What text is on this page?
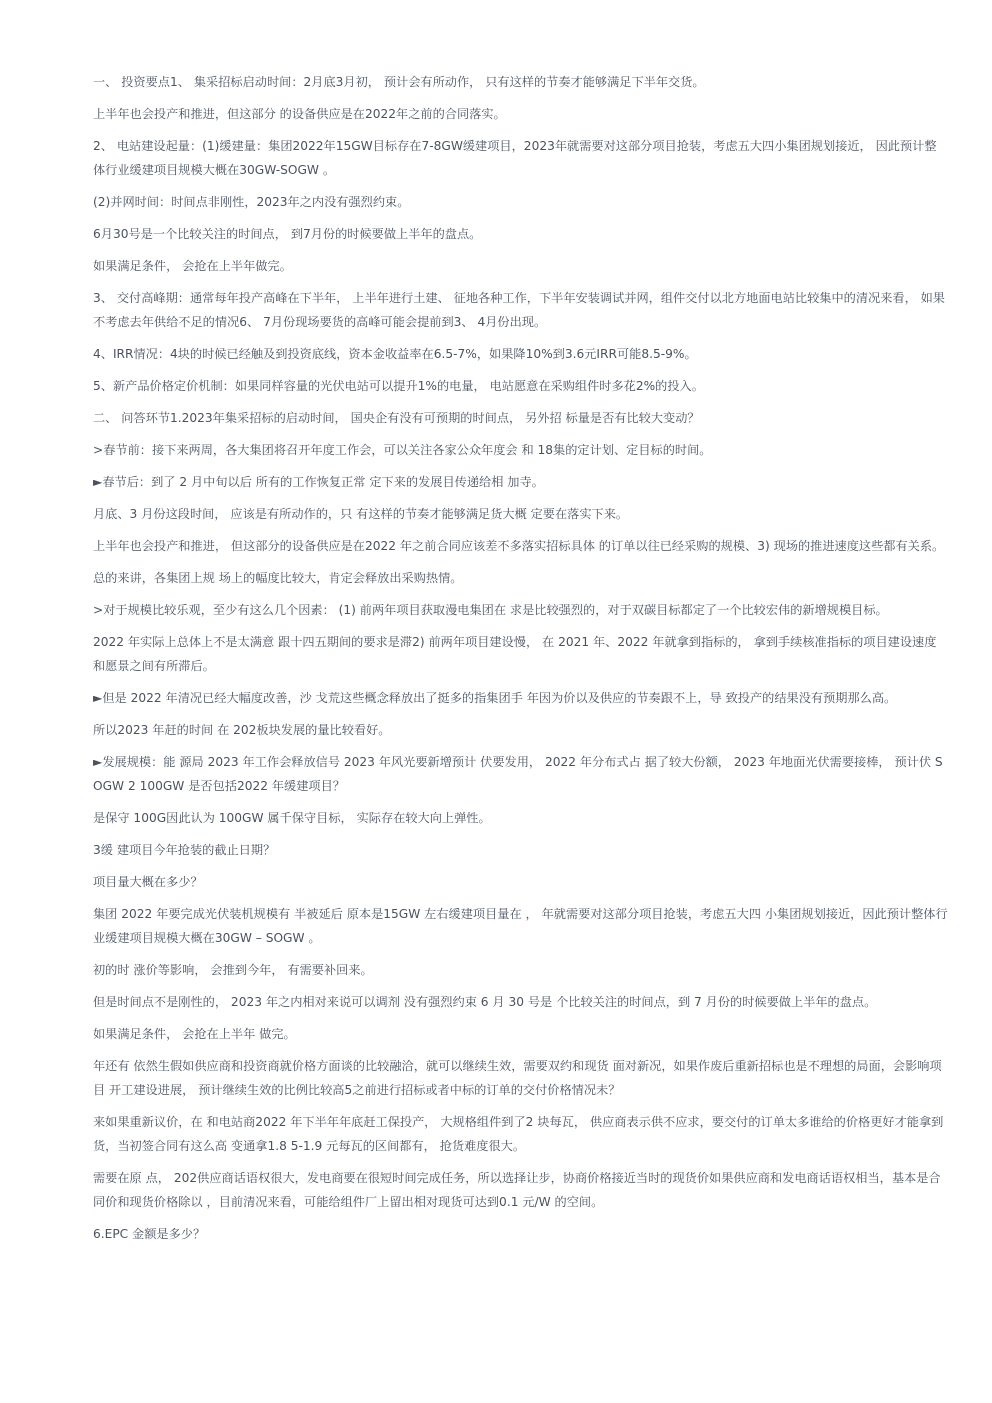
一、 投资要点1、 集采招标启动时间：2月底3月初， 预计会有所动作， 只有这样的节奏才能够满足下半年交货。

上半年也会投产和推进，但这部分 的设备供应是在2022年之前的合同落实。

2、 电站建设起量：(1)缓建量：集团2022年15GW目标存在7-8GW缓建项目，2023年就需要对这部分项目抢装，考虑五大四小集团规划接近， 因此预计整体行业缓建项目规模大概在30GW-SOGW 。

(2)并网时间：时间点非刚性，2023年之内没有强烈约束。

6月30号是一个比较关注的时间点， 到7月份的时候要做上半年的盘点。

如果满足条件， 会抢在上半年做完。

3、 交付高峰期：通常每年投产高峰在下半年， 上半年进行土建、 征地各种工作，下半年安装调试并网，组件交付以北方地面电站比较集中的清况来看， 如果不考虑去年供给不足的情况6、 7月份现场要货的高峰可能会提前到3、 4月份出现。

4、IRR情况：4块的时候已经触及到投资底线，资本金收益率在6.5-7%，如果降10%到3.6元IRR可能8.5-9%。

5、新产品价格定价机制：如果同样容量的光伏电站可以提升1%的电量， 电站愿意在采购组件时多花2%的投入。

二、 问答环节1.2023年集采招标的启动时间， 国央企有没有可预期的时间点， 另外招 标量是否有比较大变动？

>春节前：接下来两周，各大集团将召开年度工作会，可以关注各家公众年度会 和 18集的定计划、定目标的时间。

►春节后：到了 2 月中旬以后 所有的工作恢复正常 定下来的发展目传递给相 加寺。

月底、3 月份这段时间， 应该是有所动作的，只 有这样的节奏才能够满足货大概 定要在落实下来。

上半年也会投产和推进， 但这部分的设备供应是在2022 年之前合同应该差不多落实招标具体 的订单以往已经采购的规模、3) 现场的推进速度这些都有关系。

总的来讲，各集团上规 场上的幅度比较大，肯定会释放出采购热情。

>对于规模比较乐观，至少有这么几个因素： (1) 前两年项目获取漫电集团在 求是比较强烈的，对于双碳目标都定了一个比较宏伟的新增规模目标。

2022 年实际上总体上不是太满意 跟十四五期间的要求是滞2) 前两年项目建设慢， 在 2021 年、2022 年就拿到指标的， 拿到手续核准指标的项目建设速度和愿景之间有所滞后。

►但是 2022 年清况已经大幅度改善，沙 戈荒这些概念释放出了挺多的指集团手 年因为价以及供应的节奏跟不上，导 致投产的结果没有预期那么高。

所以2023 年赶的时间 在 202板块发展的量比较看好。

►发展规模：能 源局 2023 年工作会释放信号 2023 年风光要新增预计 伏要发用， 2022 年分布式占 据了较大份额， 2023 年地面光伏需要接棒， 预计伏 SOGW 2 100GW 是否包括2022 年缓建项目？

是保守 100G因此认为 100GW 属千保守目标， 实际存在较大向上弹性。

3缓 建项目今年抢装的截止日期？

项目量大概在多少？

集团 2022 年要完成光伏装机规模有 半被延后 原本是15GW 左右缓建项目量在 ， 年就需要对这部分项目抢装，考虑五大四 小集团规划接近，因此预计整体行业缓建项目规模大概在30GW – SOGW 。

初的时 涨价等影响， 会推到今年， 有需要补回来。

但是时间点不是刚性的， 2023 年之内相对来说可以调剂 没有强烈约束 6 月 30 号是 个比较关注的时间点，到 7 月份的时候要做上半年的盘点。

如果满足条件， 会抢在上半年 做完。

年还有 依然生假如供应商和投资商就价格方面谈的比较融洽，就可以继续生效，需要双约和现货 面对新况，如果作废后重新招标也是不理想的局面，会影响项目 开工建设进展， 预计继续生效的比例比较高5之前进行招标或者中标的订单的交付价格情况未？

来如果重新议价，在 和电站商2022 年下半年年底赶工保投产， 大规格组件到了2 块每瓦， 供应商表示供不应求，要交付的订单太多谁给的价格更好才能拿到货，当初签合同有这么高 变通拿1.8 5-1.9 元每瓦的区间都有， 抢货难度很大。

需要在原 点， 202供应商话语权很大，发电商要在很短时间完成任务，所以选择让步，协商价格接近当时的现货价如果供应商和发电商话语权相当，基本是合同价和现货价格除以 ，目前清况来看，可能给组件厂上留出相对现货可达到0.1 元/W 的空间。

6.EPC 金额是多少？
